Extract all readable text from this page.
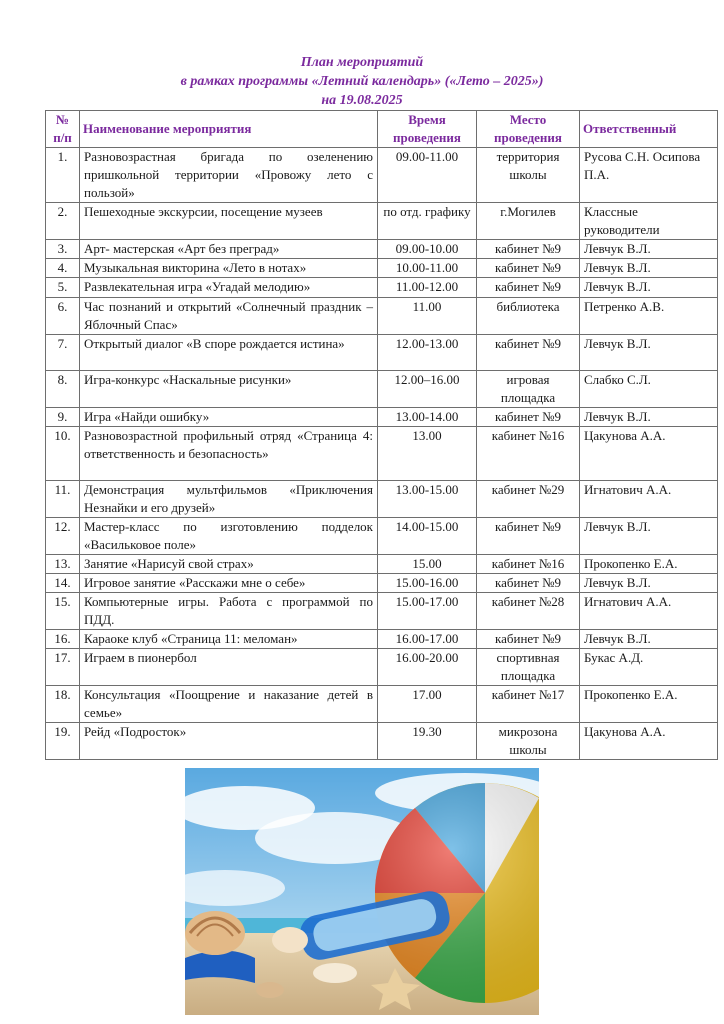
План мероприятий
в рамках программы «Летний календарь» («Лето – 2025»)
на 19.08.2025
№ п/п	Наименование мероприятия	Время проведения	Место проведения	Ответственный
1.	Разновозрастная бригада по озеленению пришкольной территории «Провожу лето с пользой»	09.00-11.00	территория школы	Русова С.Н. Осипова П.А.
2.	Пешеходные экскурсии, посещение музеев	по отд. графику	г.Могилев	Классные руководители
3.	Арт- мастерская «Арт без преград»	09.00-10.00	кабинет №9	Левчук В.Л.
4.	Музыкальная викторина «Лето в нотах»	10.00-11.00	кабинет №9	Левчук В.Л.
5.	Развлекательная игра «Угадай мелодию»	11.00-12.00	кабинет №9	Левчук В.Л.
6.	Час познаний и открытий «Солнечный праздник – Яблочный Спас»	11.00	библиотека	Петренко А.В.
7.	Открытый диалог «В споре рождается истина»	12.00-13.00	кабинет №9	Левчук В.Л.
8.	Игра-конкурс «Наскальные рисунки»	12.00–16.00	игровая площадка	Слабко С.Л.
9.	Игра «Найди ошибку»	13.00-14.00	кабинет №9	Левчук В.Л.
10.	Разновозрастной профильный отряд «Страница 4: ответственность и безопасность»	13.00	кабинет №16	Цакунова А.А.
11.	Демонстрация мультфильмов «Приключения Незнайки и его друзей»	13.00-15.00	кабинет №29	Игнатович А.А.
12.	Мастер-класс по изготовлению подделок «Васильковое поле»	14.00-15.00	кабинет №9	Левчук В.Л.
13.	Занятие «Нарисуй свой страх»	15.00	кабинет №16	Прокопенко Е.А.
14.	Игровое занятие «Расскажи мне о себе»	15.00-16.00	кабинет №9	Левчук В.Л.
15.	Компьютерные игры. Работа с программой по ПДД.	15.00-17.00	кабинет №28	Игнатович А.А.
16.	Караоке клуб «Страница 11: меломан»	16.00-17.00	кабинет №9	Левчук В.Л.
17.	Играем в пионербол	16.00-20.00	спортивная площадка	Букас А.Д.
18.	Консультация «Поощрение и наказание детей в семье»	17.00	кабинет №17	Прокопенко Е.А.
19.	Рейд «Подросток»	19.30	микрозона школы	Цакунова А.А.
